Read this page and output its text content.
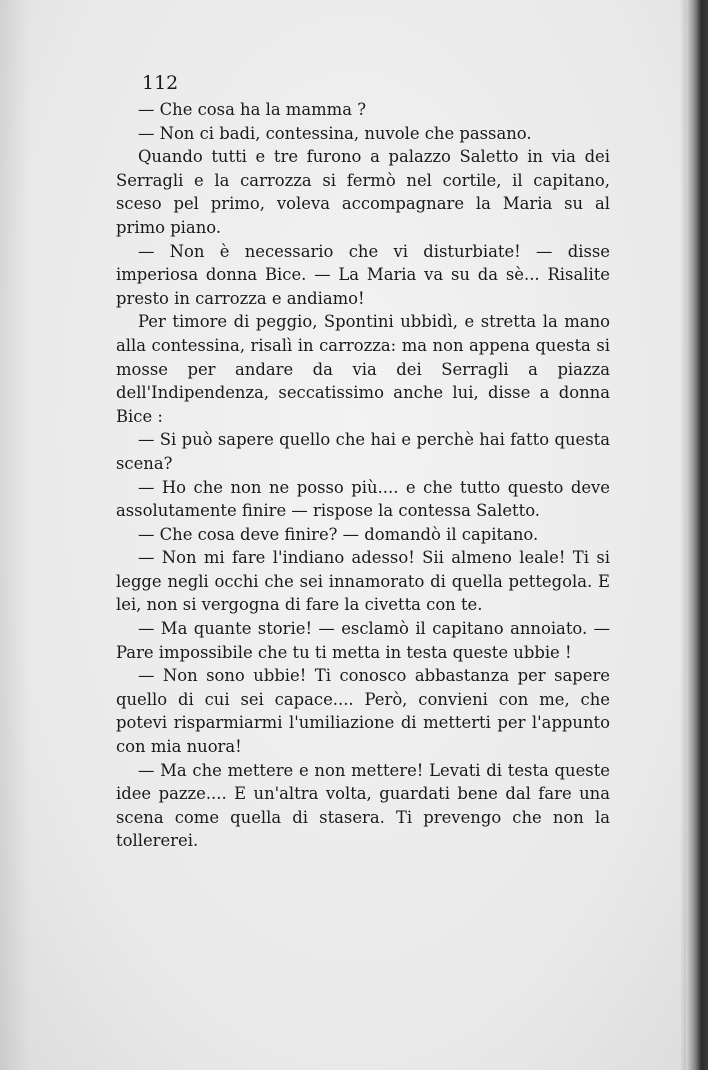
112

— Che cosa ha la mamma ?

— Non ci badi, contessina, nuvole che passano.

Quando tutti e tre furono a palazzo Saletto in via dei Serragli e la carrozza si fermò nel cortile, il capitano, sceso pel primo, voleva accompagnare la Maria su al primo piano.

— Non è necessario che vi disturbiate! — disse imperiosa donna Bice. — La Maria va su da sè... Risalite presto in carrozza e andiamo!

Per timore di peggio, Spontini ubbidì, e stretta la mano alla contessina, risalì in carrozza: ma non appena questa si mosse per andare da via dei Serragli a piazza dell'Indipendenza, seccatissimo anche lui, disse a donna Bice :

— Si può sapere quello che hai e perchè hai fatto questa scena?

— Ho che non ne posso più.... e che tutto questo deve assolutamente finire — rispose la contessa Saletto.

— Che cosa deve finire? — domandò il capitano.

— Non mi fare l'indiano adesso! Sii almeno leale! Ti si legge negli occhi che sei innamorato di quella pettegola. E lei, non si vergogna di fare la civetta con te.

— Ma quante storie! — esclamò il capitano annoiato. — Pare impossibile che tu ti metta in testa queste ubbie !

— Non sono ubbie! Ti conosco abbastanza per sapere quello di cui sei capace.... Però, convieni con me, che potevi risparmiarmi l'umiliazione di metterti per l'appunto con mia nuora!

— Ma che mettere e non mettere! Levati di testa queste idee pazze.... E un'altra volta, guardati bene dal fare una scena come quella di stasera. Ti prevengo che non la tollererei.
